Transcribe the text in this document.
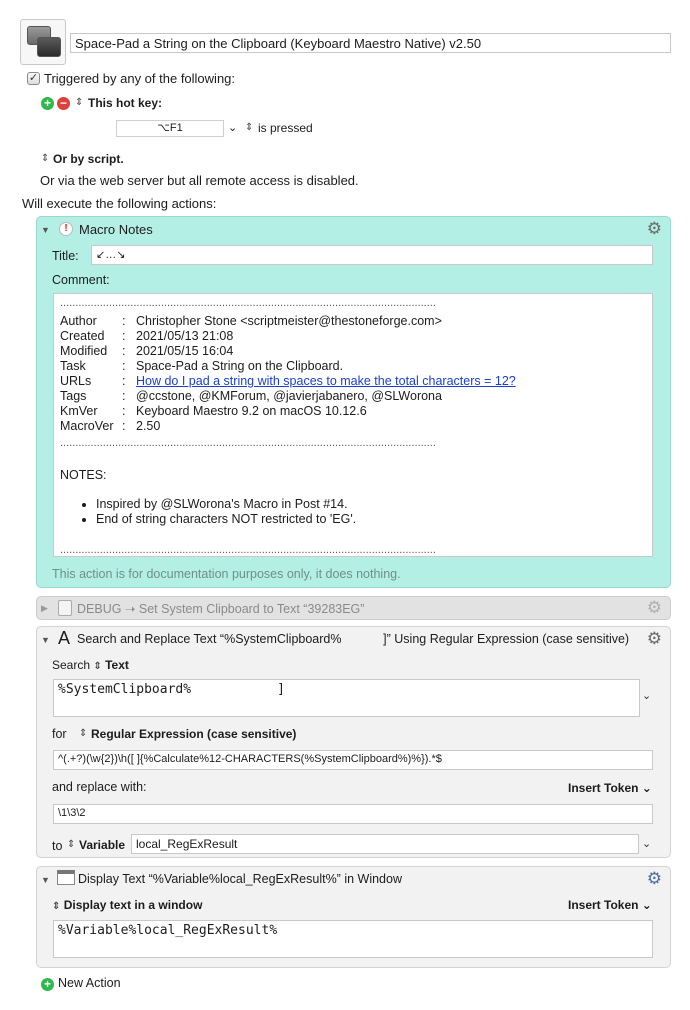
Space-Pad a String on the Clipboard (Keyboard Maestro Native) v2.50
✓ Triggered by any of the following:
+ − ⇕ This hot key:
⌥F1	⌄ ⇕ is pressed
⇕ Or by script.
Or via the web server but all remote access is disabled.
Will execute the following actions:
▼	! Macro Notes	⚙
Title:	↙…↘
Comment:
...........................................................................................................................
Author	: Christopher Stone <scriptmeister@thestoneforge.com>
Created	: 2021/05/13 21:08
Modified	: 2021/05/15 16:04
Task	: Space-Pad a String on the Clipboard.
URLs	: How do I pad a string with spaces to make the total characters = 12?
Tags	: @ccstone, @KMForum, @javierjabanero, @SLWorona
KmVer	: Keyboard Maestro 9.2 on macOS 10.12.6
MacroVer : 2.50
...........................................................................................................................
NOTES:
• Inspired by @SLWorona's Macro in Post #14.
• End of string characters NOT restricted to 'EG'.
...........................................................................................................................
This action is for documentation purposes only, it does nothing.
▶ DEBUG ➝ Set System Clipboard to Text “39283EG”	⚙
▼ A Search and Replace Text “%SystemClipboard%            ]” Using Regular Expression (case sensitive) ⚙
Search ⇕ Text
%SystemClipboard%           ]	⌄
for ⇕ Regular Expression (case sensitive)
^(.+?)(\w{2})\h([ ]{%Calculate%12-CHARACTERS(%SystemClipboard%)%}).*$
and replace with:	Insert Token ⌄
\1\3\2
to ⇕ Variable local_RegExResult	⌄
▼ Display Text “%Variable%local_RegExResult%” in Window	⚙
⇕ Display text in a window	Insert Token ⌄
%Variable%local_RegExResult%
+ New Action
